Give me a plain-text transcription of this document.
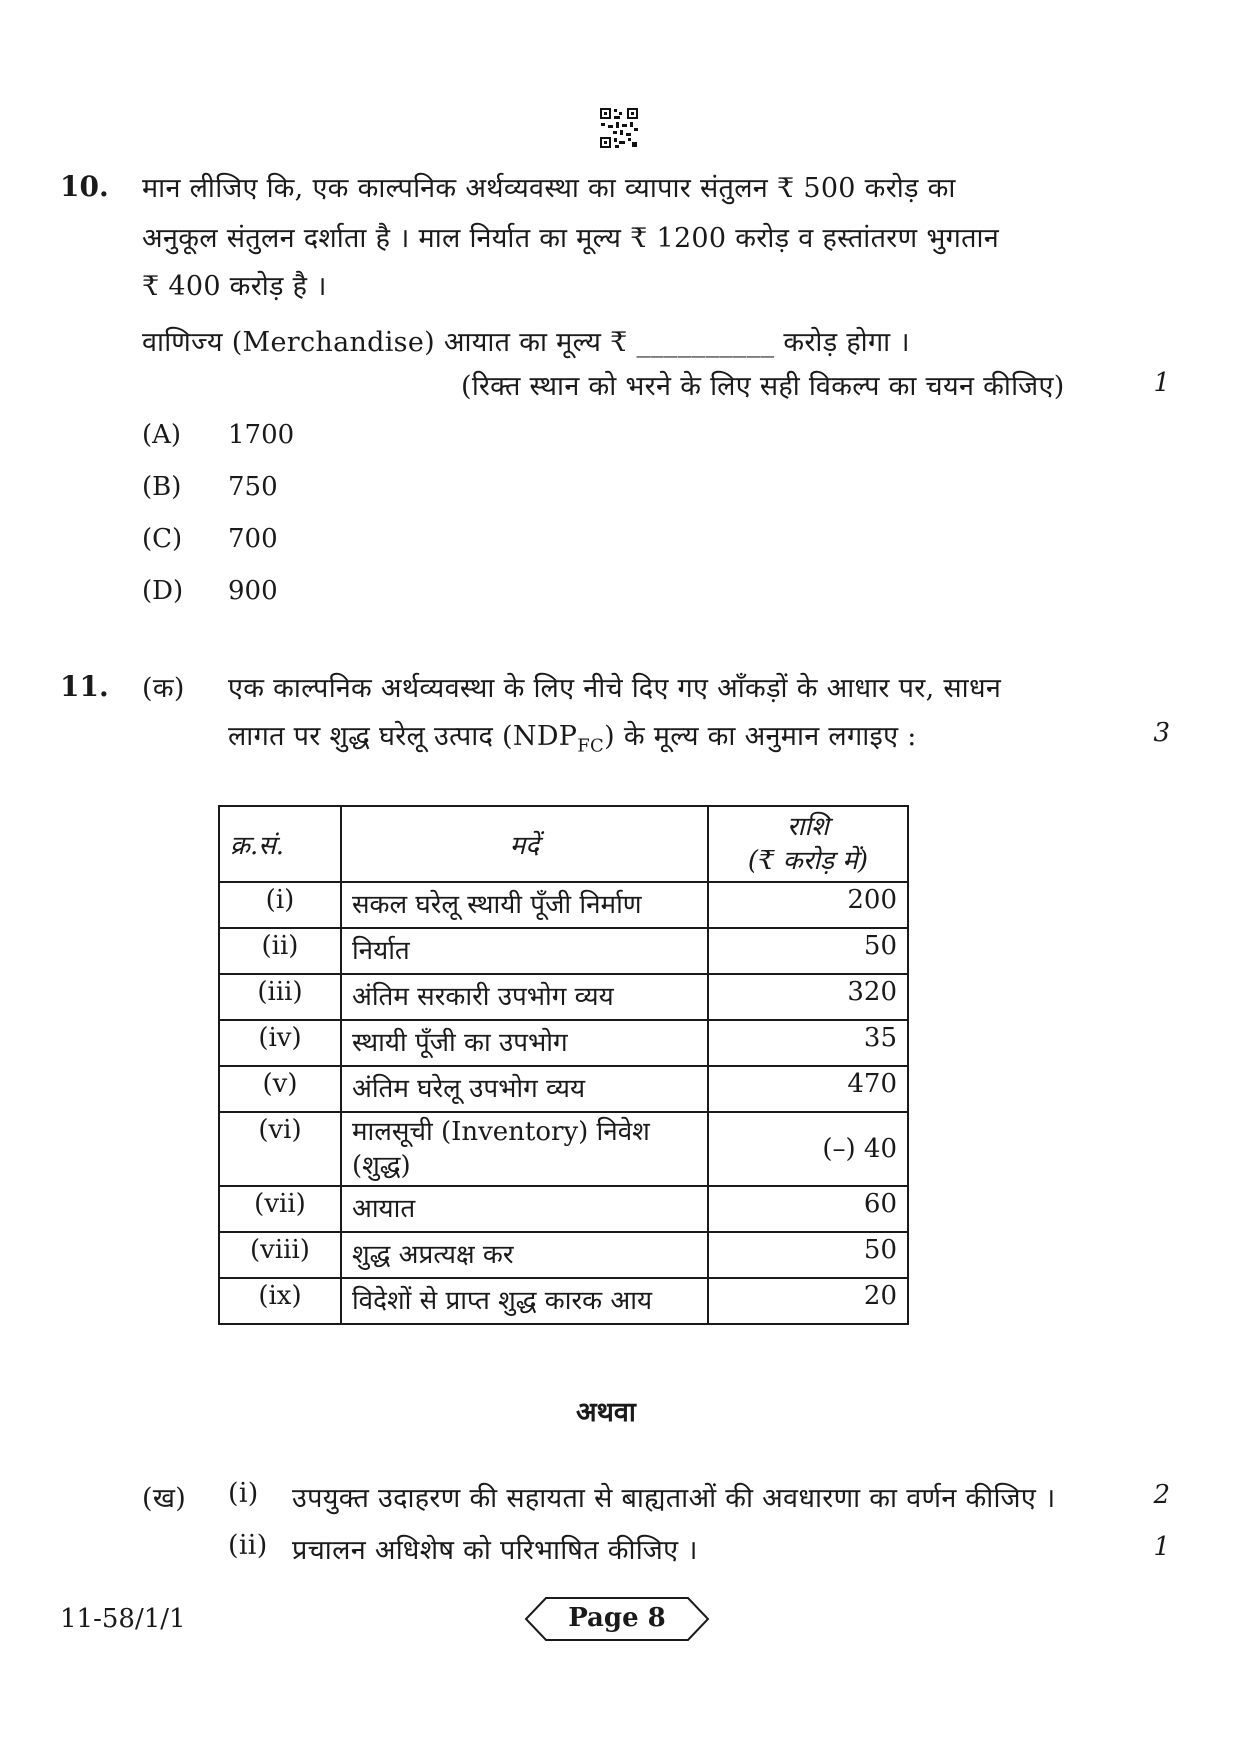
10. मान लीजिए कि, एक काल्पनिक अर्थव्यवस्था का व्यापार संतुलन ₹ 500 करोड़ का
अनुकूल संतुलन दर्शाता है । माल निर्यात का मूल्य ₹ 1200 करोड़ व हस्तांतरण भुगतान
₹ 400 करोड़ है ।
वाणिज्य (Merchandise) आयात का मूल्य ₹ __________ करोड़ होगा ।
(रिक्त स्थान को भरने के लिए सही विकल्प का चयन कीजिए)	1
(A) 1700
(B) 750
(C) 700
(D) 900
11. (क) एक काल्पनिक अर्थव्यवस्था के लिए नीचे दिए गए आँकड़ों के आधार पर, साधन
लागत पर शुद्ध घरेलू उत्पाद $(NDP_{FC})$ के मूल्य का अनुमान लगाइए :	3
क्र.सं.	मदें	राशि
(₹ करोड़ में)

(i)	सकल घरेलू स्थायी पूँजी निर्माण	200
(ii)	निर्यात	50
(iii)	अंतिम सरकारी उपभोग व्यय	320
(iv)	स्थायी पूँजी का उपभोग	35
(v)	अंतिम घरेलू उपभोग व्यय	470
(vi)	मालसूची (Inventory) निवेश (शुद्ध)	(–) 40
(vii)	आयात	60
(viii)	शुद्ध अप्रत्यक्ष कर	50
(ix)	विदेशों से प्राप्त शुद्ध कारक आय	20
अथवा
(ख) (i) उपयुक्त उदाहरण की सहायता से बाह्यताओं की अवधारणा का वर्णन कीजिए ।	2
(ii) प्रचालन अधिशेष को परिभाषित कीजिए ।	1
11-58/1/1	Page 8
